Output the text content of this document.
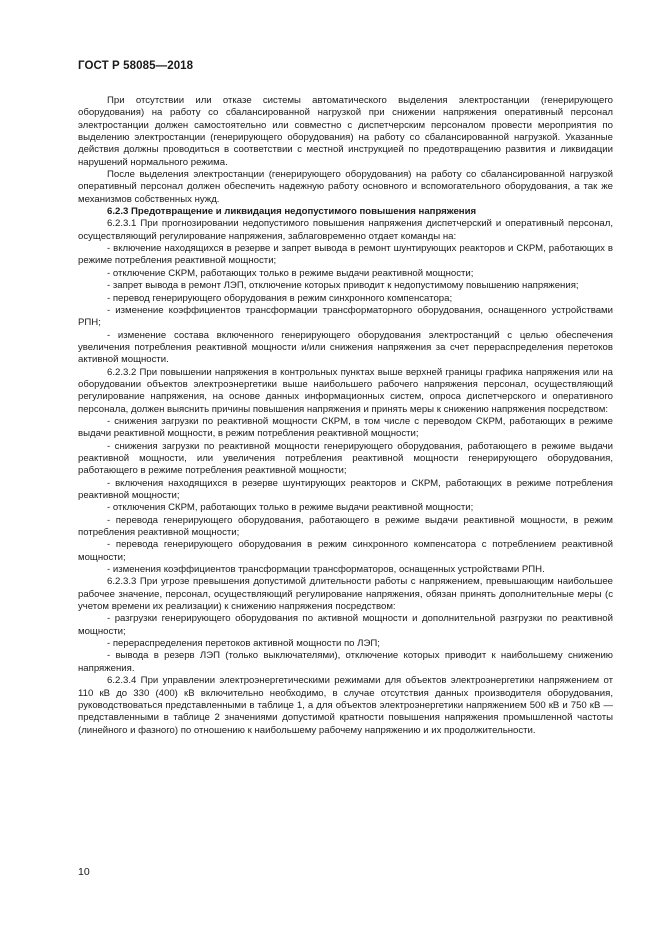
ГОСТ Р 58085—2018

При отсутствии или отказе системы автоматического выделения электростанции (генерирующего оборудования) на работу со сбалансированной нагрузкой при снижении напряжения оперативный персонал электростанции должен самостоятельно или совместно с диспетчерским персоналом провести мероприятия по выделению электростанции (генерирующего оборудования) на работу со сбалансированной нагрузкой. Указанные действия должны проводиться в соответствии с местной инструкцией по предотвращению развития и ликвидации нарушений нормального режима.

После выделения электростанции (генерирующего оборудования) на работу со сбалансированной нагрузкой оперативный персонал должен обеспечить надежную работу основного и вспомогательного оборудования, а так же механизмов собственных нужд.

6.2.3 Предотвращение и ликвидация недопустимого повышения напряжения

6.2.3.1 При прогнозировании недопустимого повышения напряжения диспетчерский и оперативный персонал, осуществляющий регулирование напряжения, заблаговременно отдает команды на:

- включение находящихся в резерве и запрет вывода в ремонт шунтирующих реакторов и СКРМ, работающих в режиме потребления реактивной мощности;

- отключение СКРМ, работающих только в режиме выдачи реактивной мощности;

- запрет вывода в ремонт ЛЭП, отключение которых приводит к недопустимому повышению напряжения;

- перевод генерирующего оборудования в режим синхронного компенсатора;

- изменение коэффициентов трансформации трансформаторного оборудования, оснащенного устройствами РПН;

- изменение состава включенного генерирующего оборудования электростанций с целью обеспечения увеличения потребления реактивной мощности и/или снижения напряжения за счет перераспределения перетоков активной мощности.

6.2.3.2 При повышении напряжения в контрольных пунктах выше верхней границы графика напряжения или на оборудовании объектов электроэнергетики выше наибольшего рабочего напряжения персонал, осуществляющий регулирование напряжения, на основе данных информационных систем, опроса диспетчерского и оперативного персонала, должен выяснить причины повышения напряжения и принять меры к снижению напряжения посредством:

- снижения загрузки по реактивной мощности СКРМ, в том числе с переводом СКРМ, работающих в режиме выдачи реактивной мощности, в режим потребления реактивной мощности;

- снижения загрузки по реактивной мощности генерирующего оборудования, работающего в режиме выдачи реактивной мощности, или увеличения потребления реактивной мощности генерирующего оборудования, работающего в режиме потребления реактивной мощности;

- включения находящихся в резерве шунтирующих реакторов и СКРМ, работающих в режиме потребления реактивной мощности;

- отключения СКРМ, работающих только в режиме выдачи реактивной мощности;

- перевода генерирующего оборудования, работающего в режиме выдачи реактивной мощности, в режим потребления реактивной мощности;

- перевода генерирующего оборудования в режим синхронного компенсатора с потреблением реактивной мощности;

- изменения коэффициентов трансформации трансформаторов, оснащенных устройствами РПН.

6.2.3.3 При угрозе превышения допустимой длительности работы с напряжением, превышающим наибольшее рабочее значение, персонал, осуществляющий регулирование напряжения, обязан принять дополнительные меры (с учетом времени их реализации) к снижению напряжения посредством:

- разгрузки генерирующего оборудования по активной мощности и дополнительной разгрузки по реактивной мощности;

- перераспределения перетоков активной мощности по ЛЭП;

- вывода в резерв ЛЭП (только выключателями), отключение которых приводит к наибольшему снижению напряжения.

6.2.3.4 При управлении электроэнергетическими режимами для объектов электроэнергетики напряжением от 110 кВ до 330 (400) кВ включительно необходимо, в случае отсутствия данных производителя оборудования, руководствоваться представленными в таблице 1, а для объектов электроэнергетики напряжением 500 кВ и 750 кВ — представленными в таблице 2 значениями допустимой кратности повышения напряжения промышленной частоты (линейного и фазного) по отношению к наибольшему рабочему напряжению и их продолжительности.

10
